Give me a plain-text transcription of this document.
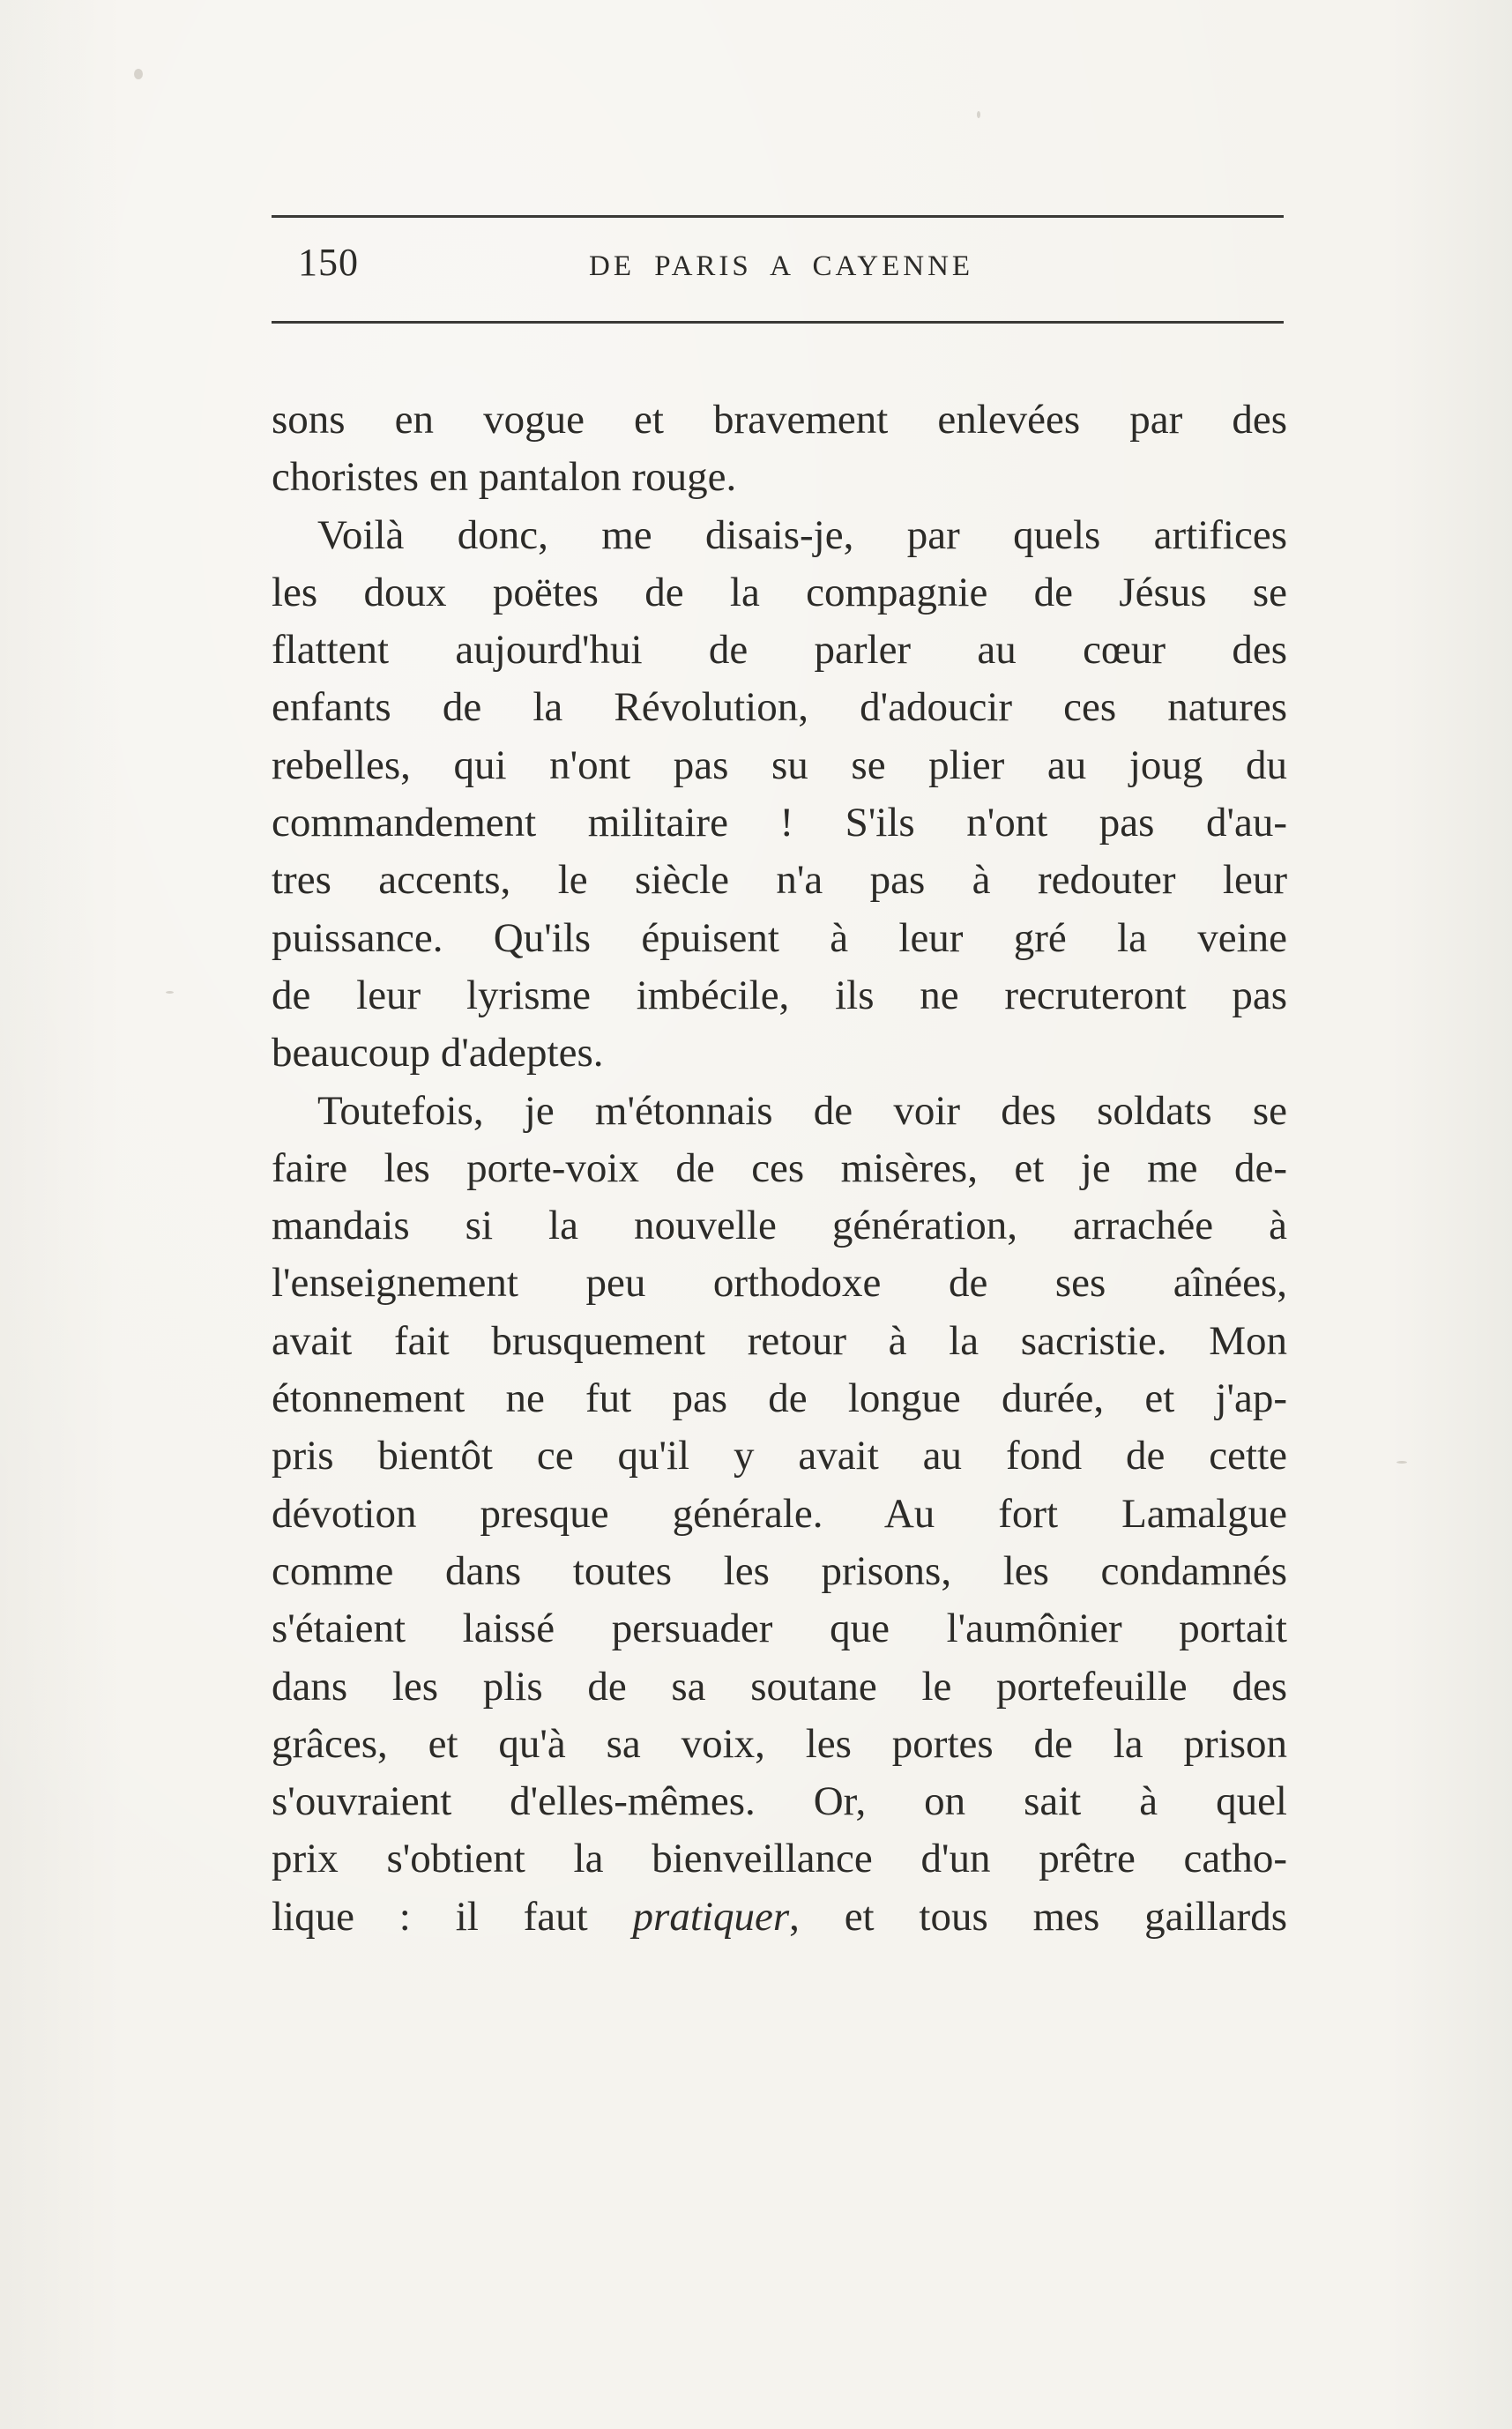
150	DE PARIS A CAYENNE
sons en vogue et bravement enlevées par des
choristes en pantalon rouge.
Voilà donc, me disais-je, par quels artifices
les doux poëtes de la compagnie de Jésus se
flattent aujourd'hui de parler au cœur des
enfants de la Révolution, d'adoucir ces natures
rebelles, qui n'ont pas su se plier au joug du
commandement militaire ! S'ils n'ont pas d'au-
tres accents, le siècle n'a pas à redouter leur
puissance. Qu'ils épuisent à leur gré la veine
de leur lyrisme imbécile, ils ne recruteront pas
beaucoup d'adeptes.
Toutefois, je m'étonnais de voir des soldats se
faire les porte-voix de ces misères, et je me de-
mandais si la nouvelle génération, arrachée à
l'enseignement peu orthodoxe de ses aînées,
avait fait brusquement retour à la sacristie. Mon
étonnement ne fut pas de longue durée, et j'ap-
pris bientôt ce qu'il y avait au fond de cette
dévotion presque générale. Au fort Lamalgue
comme dans toutes les prisons, les condamnés
s'étaient laissé persuader que l'aumônier portait
dans les plis de sa soutane le portefeuille des
grâces, et qu'à sa voix, les portes de la prison
s'ouvraient d'elles-mêmes. Or, on sait à quel
prix s'obtient la bienveillance d'un prêtre catho-
lique : il faut pratiquer, et tous mes gaillards
